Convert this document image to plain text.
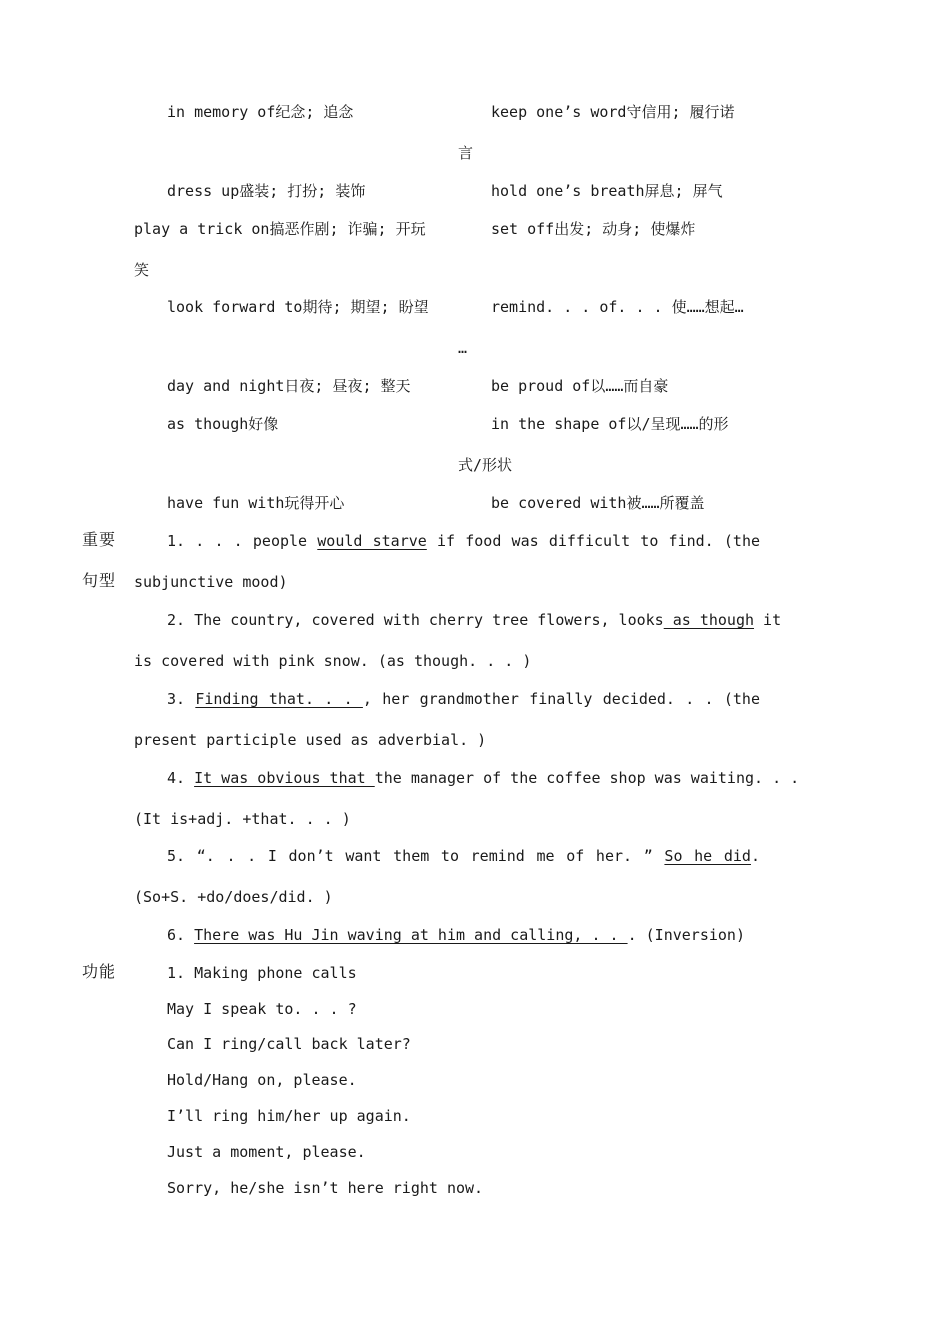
in memory of纪念; 追念	keep one’s word守信用; 履行诺
言
dress up盛装; 打扮; 装饰	hold one’s breath屏息; 屏气
play a trick on搞恶作剧; 诈骗; 开玩	set off出发; 动身; 使爆炸
笑
look forward to期待; 期望; 盼望	remind. . . of. . . 使……想起…
…
day and night日夜; 昼夜; 整天	be proud of以……而自豪
as though好像	in the shape of以/呈现……的形
式/形状
have fun with玩得开心	be covered with被……所覆盖
重要
句型
1. . . . people would starve if food was difficult to find. (the
subjunctive mood)
2. The country, covered with cherry tree flowers, looks as though it
is covered with pink snow. (as though. . . )
3. Finding that. . . , her grandmother finally decided. . . (the
present participle used as adverbial. )
4. It was obvious that the manager of the coffee shop was waiting. . .
(It is+adj. +that. . . )
5. “. . . I don’t want them to remind me of her. ” So he did.
(So+S. +do/does/did. )
6. There was Hu Jin waving at him and calling, . . . (Inversion)
功能	1. Making phone calls
May I speak to. . . ?
Can I ring/call back later?
Hold/Hang on, please.
I’ll ring him/her up again.
Just a moment, please.
Sorry, he/she isn’t here right now.
